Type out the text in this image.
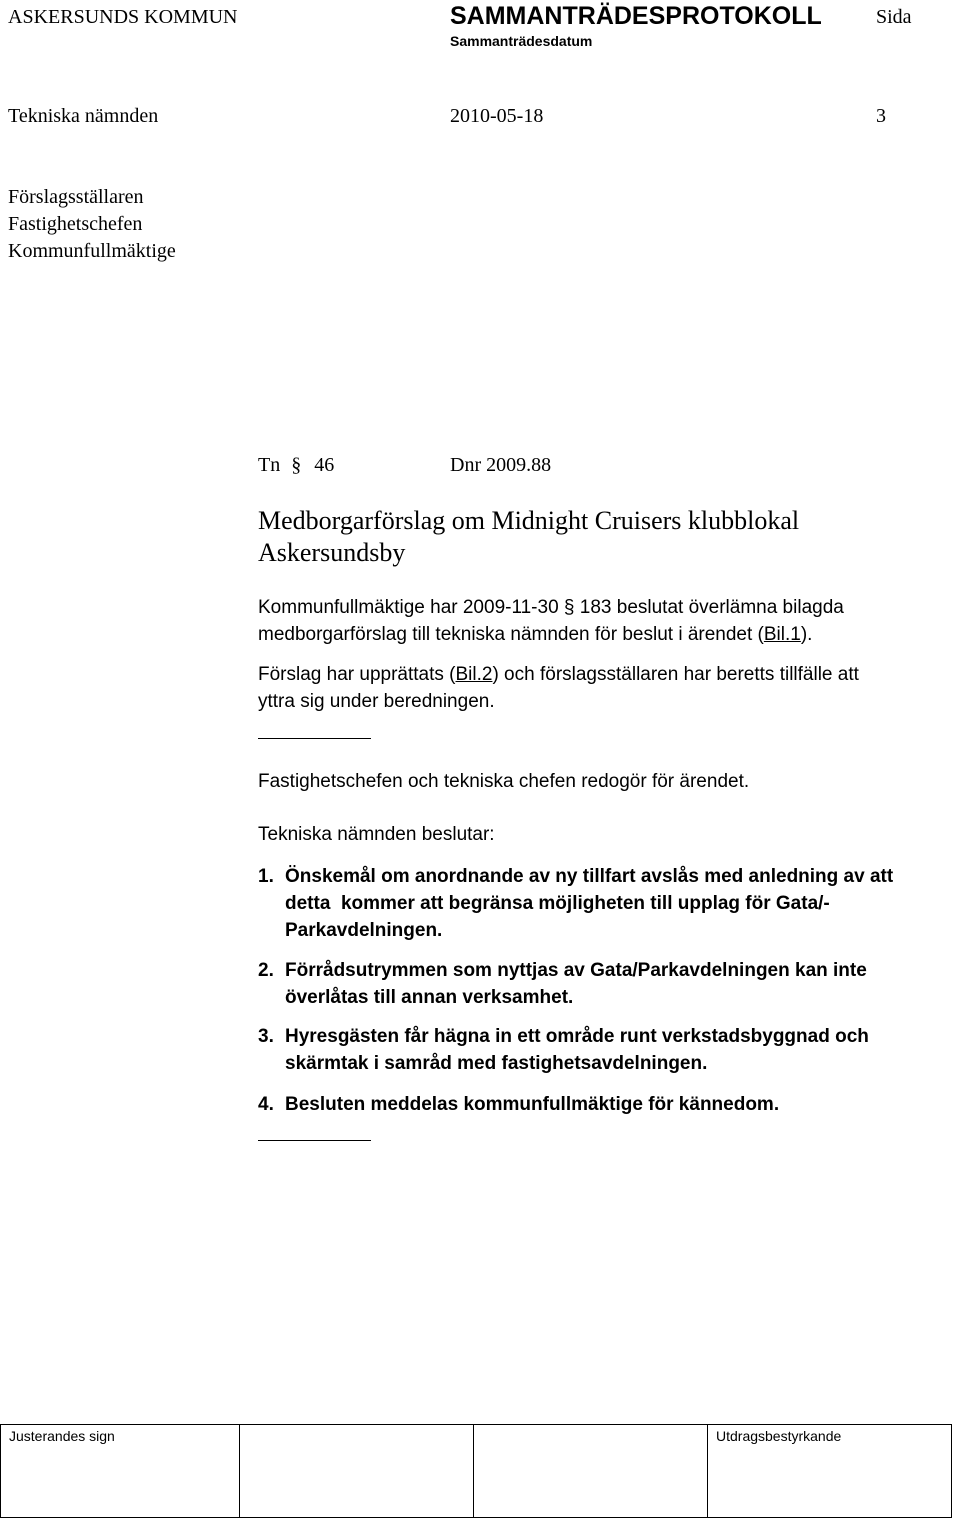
ASKERSUNDS KOMMUN	SAMMANTRÄDESPROTOKOLL	Sida
Sammanträdesdatum
Tekniska nämnden	2010-05-18	3
Förslagsställaren
Fastighetschefen
Kommunfullmäktige
Tn § 46	Dnr 2009.88
Medborgarförslag om Midnight Cruisers klubblokal
Askersundsby
Kommunfullmäktige har 2009-11-30 § 183 beslutat överlämna bilagda
medborgarförslag till tekniska nämnden för beslut i ärendet (Bil.1).
Förslag har upprättats (Bil.2) och förslagsställaren har beretts tillfälle att
yttra sig under beredningen.
Fastighetschefen och tekniska chefen redogör för ärendet.
Tekniska nämnden beslutar:
1. Önskemål om anordnande av ny tillfart avslås med anledning av att
detta  kommer att begränsa möjligheten till upplag för Gata/-
Parkavdelningen.
2. Förrådsutrymmen som nyttjas av Gata/Parkavdelningen kan inte
överlåtas till annan verksamhet.
3. Hyresgästen får hägna in ett område runt verkstadsbyggnad och
skärmtak i samråd med fastighetsavdelningen.
4. Besluten meddelas kommunfullmäktige för kännedom.
Justerandes sign			Utdragsbestyrkande
